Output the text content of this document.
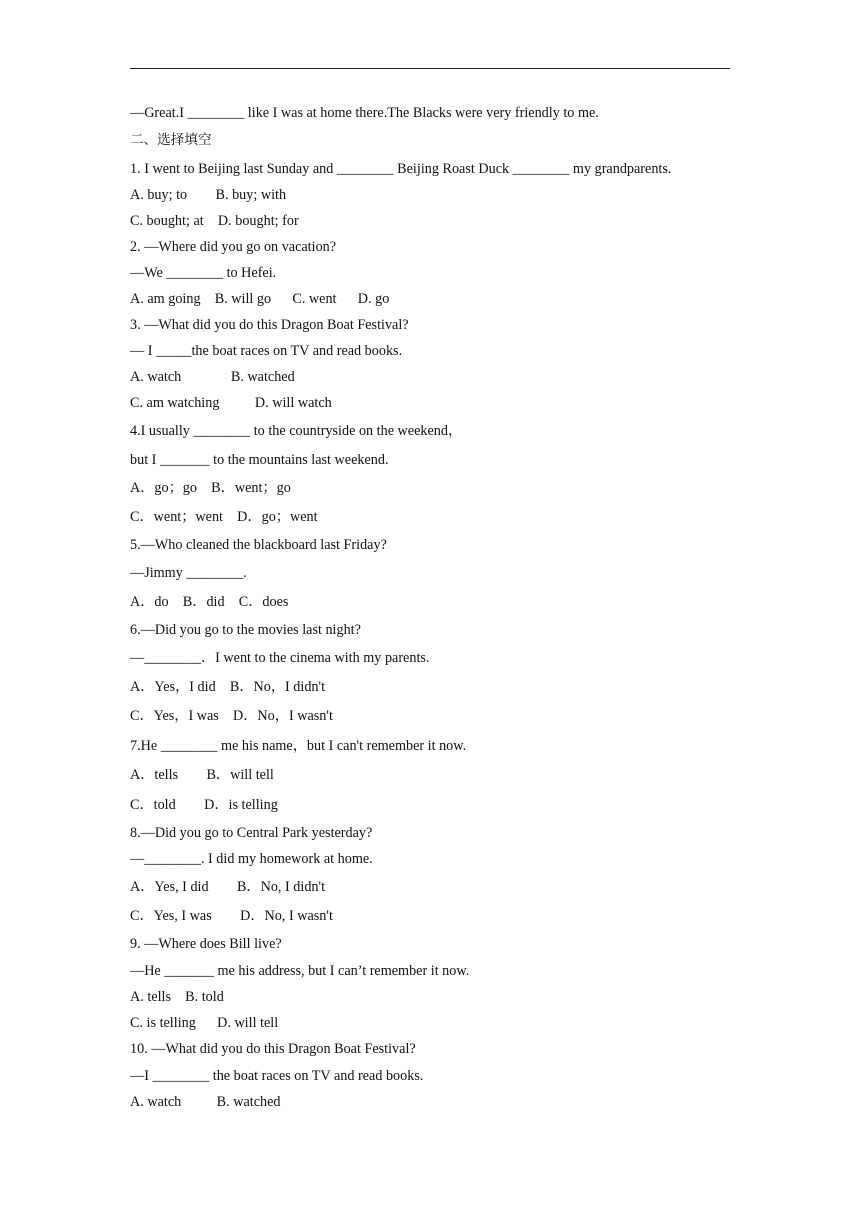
—Great.I ________ like I was at home there.The Blacks were very friendly to me.
二、选择填空
1. I went to Beijing last Sunday and ________ Beijing Roast Duck ________ my grandparents.
A. buy; to        B. buy; with
C. bought; at    D. bought; for
2. —Where did you go on vacation?
—We ________ to Hefei.
A. am going    B. will go      C. went      D. go
3. —What did you do this Dragon Boat Festival?
— I _____the boat races on TV and read books.
A. watch              B. watched
C. am watching          D. will watch
4.I usually ________ to the countryside on the weekend，
but I _______ to the mountains last weekend.
A．go；go    B．went；go
C．went；went    D．go；went
5.—Who cleaned the blackboard last Friday?
—Jimmy ________.
A．do    B．did    C．does
6.—Did you go to the movies last night?
—________．I went to the cinema with my parents.
A．Yes，I did    B．No，I didn't
C．Yes，I was    D．No，I wasn't
7.He ________ me his name，but I can't remember it now.
A．tells        B．will tell
C．told        D．is telling
8.—Did you go to Central Park yesterday?
—________. I did my homework at home.
A．Yes, I did        B．No, I didn't
C．Yes, I was        D．No, I wasn't
9. —Where does Bill live?
—He _______ me his address, but I can’t remember it now.
A. tells    B. told
C. is telling      D. will tell
10. —What did you do this Dragon Boat Festival?
—I ________ the boat races on TV and read books.
A. watch          B. watched
